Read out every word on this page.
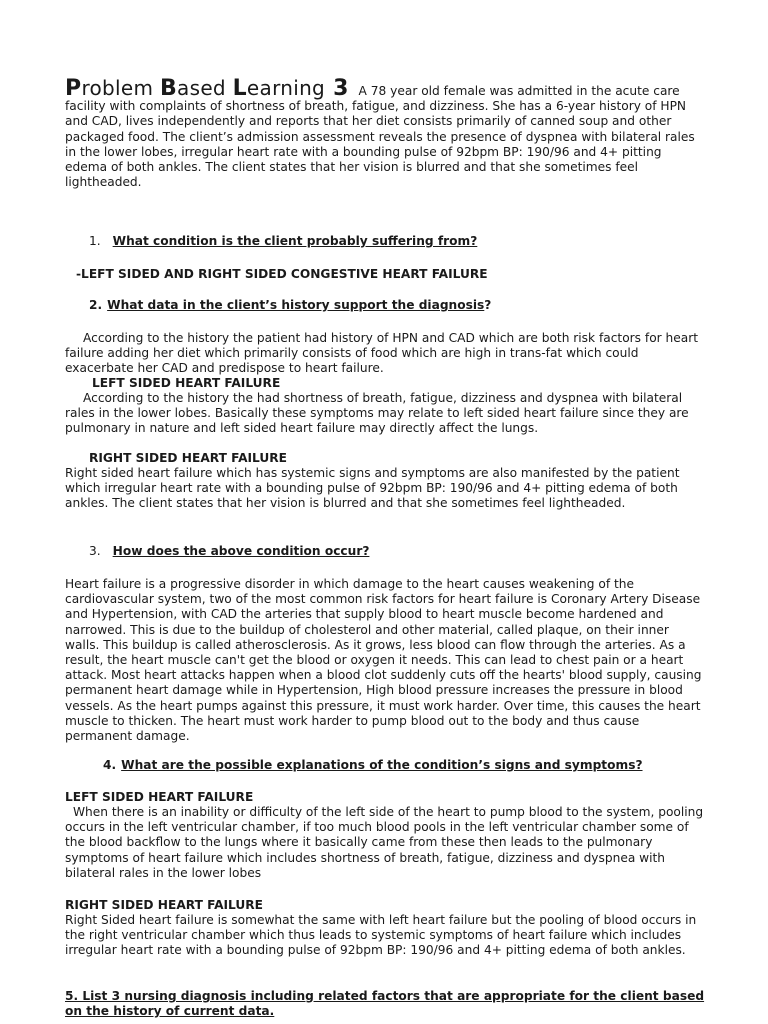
Problem Based Learning 3 A 78 year old female was admitted in the acute care facility with complaints of shortness of breath, fatigue, and dizziness. She has a 6-year history of HPN and CAD, lives independently and reports that her diet consists primarily of canned soup and other packaged food. The client’s admission assessment reveals the presence of dyspnea with bilateral rales in the lower lobes, irregular heart rate with a bounding pulse of 92bpm BP: 190/96 and 4+ pitting edema of both ankles. The client states that her vision is blurred and that she sometimes feel lightheaded.

1. What condition is the client probably suffering from?

-LEFT SIDED AND RIGHT SIDED CONGESTIVE HEART FAILURE

2. What data in the client’s history support the diagnosis?

According to the history the patient had history of HPN and CAD which are both risk factors for heart failure adding her diet which primarily consists of food which are high in trans-fat which could exacerbate her CAD and predispose to heart failure.

LEFT SIDED HEART FAILURE

According to the history the had shortness of breath, fatigue, dizziness and dyspnea with bilateral rales in the lower lobes. Basically these symptoms may relate to left sided heart failure since they are pulmonary in nature and left sided heart failure may directly affect the lungs.

RIGHT SIDED HEART FAILURE

Right sided heart failure which has systemic signs and symptoms are also manifested by the patient which irregular heart rate with a bounding pulse of 92bpm BP: 190/96 and 4+ pitting edema of both ankles. The client states that her vision is blurred and that she sometimes feel lightheaded.

3. How does the above condition occur?

Heart failure is a progressive disorder in which damage to the heart causes weakening of the cardiovascular system, two of the most common risk factors for heart failure is Coronary Artery Disease and Hypertension, with CAD the arteries that supply blood to heart muscle become hardened and narrowed. This is due to the buildup of cholesterol and other material, called plaque, on their inner walls. This buildup is called atherosclerosis. As it grows, less blood can flow through the arteries. As a result, the heart muscle can't get the blood or oxygen it needs. This can lead to chest pain or a heart attack. Most heart attacks happen when a blood clot suddenly cuts off the hearts' blood supply, causing permanent heart damage while in Hypertension, High blood pressure increases the pressure in blood vessels. As the heart pumps against this pressure, it must work harder. Over time, this causes the heart muscle to thicken. The heart must work harder to pump blood out to the body and thus cause permanent damage.

4. What are the possible explanations of the condition’s signs and symptoms?

LEFT SIDED HEART FAILURE

When there is an inability or difficulty of the left side of the heart to pump blood to the system, pooling occurs in the left ventricular chamber, if too much blood pools in the left ventricular chamber some of the blood backflow to the lungs where it basically came from these then leads to the pulmonary symptoms of heart failure which includes shortness of breath, fatigue, dizziness and dyspnea with bilateral rales in the lower lobes

RIGHT SIDED HEART FAILURE

Right Sided heart failure is somewhat the same with left heart failure but the pooling of blood occurs in the right ventricular chamber which thus leads to systemic symptoms of heart failure which includes irregular heart rate with a bounding pulse of 92bpm BP: 190/96 and 4+ pitting edema of both ankles.

5. List 3 nursing diagnosis including related factors that are appropriate for the client based on the history of current data.
